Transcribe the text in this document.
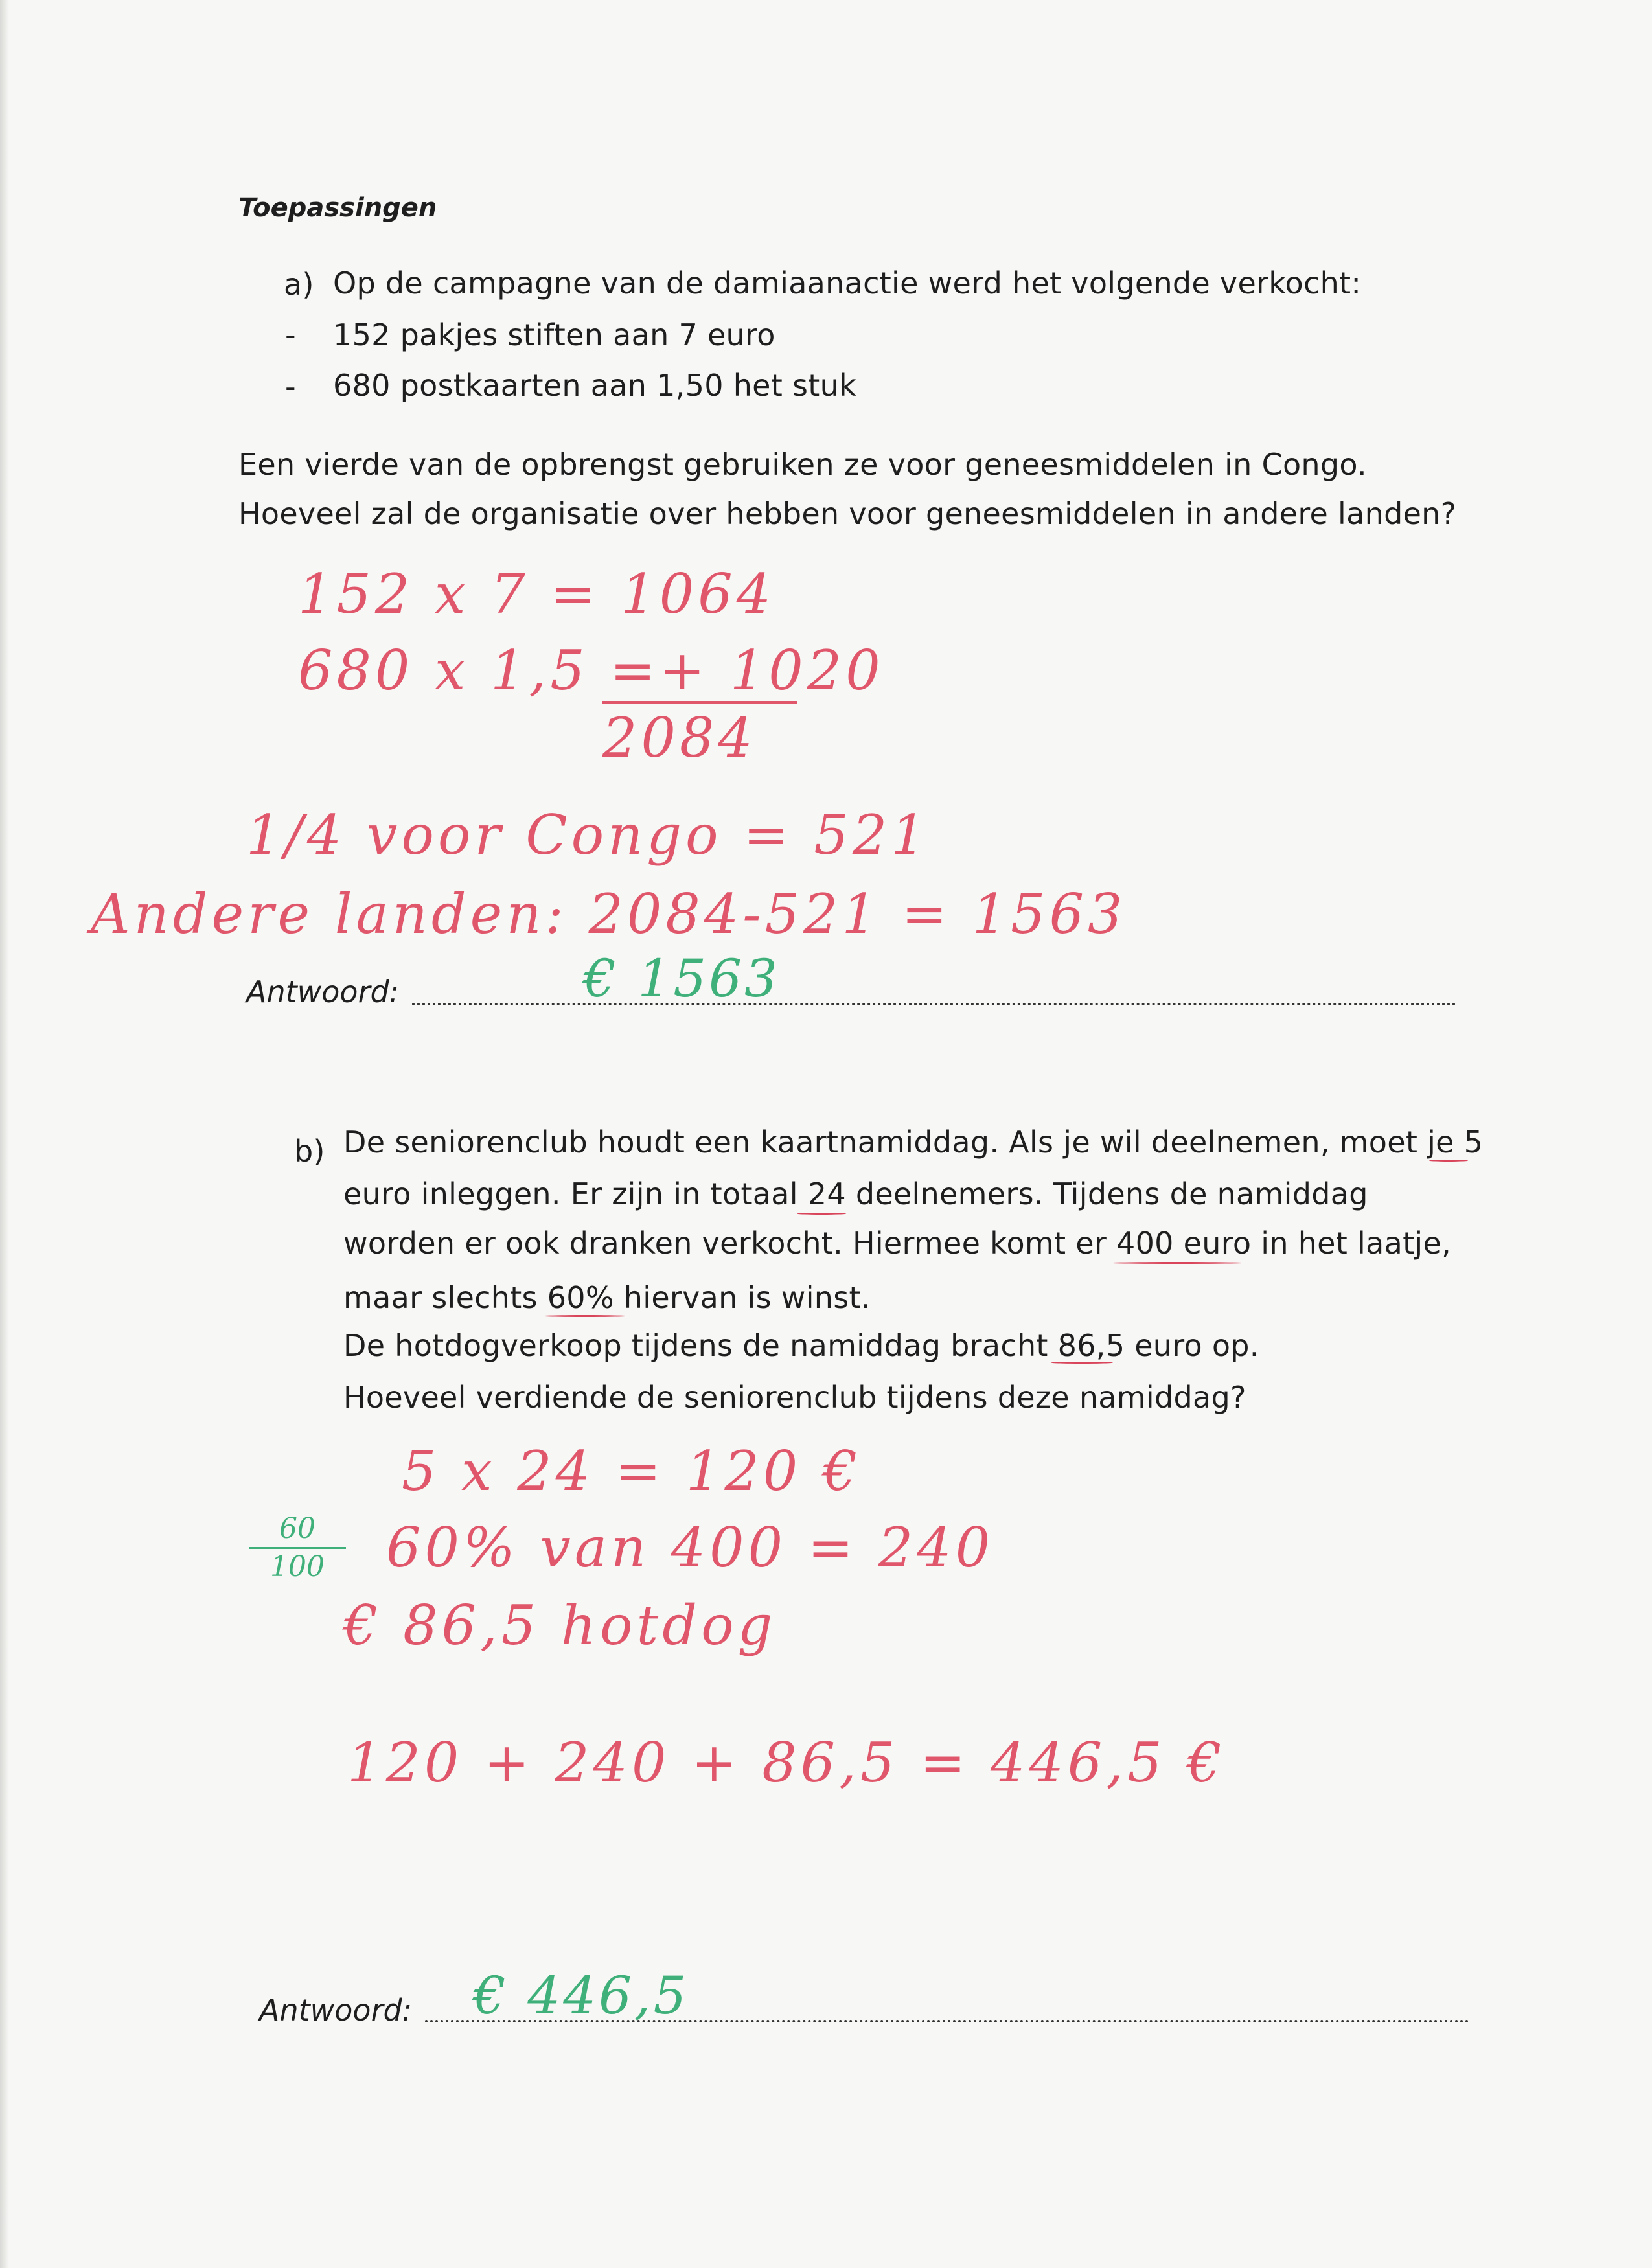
Toepassingen
a) Op de campagne van de damiaanactie werd het volgende verkocht:
- 152 pakjes stiften aan 7 euro
- 680 postkaarten aan 1,50 het stuk
Een vierde van de opbrengst gebruiken ze voor geneesmiddelen in Congo.
Hoeveel zal de organisatie over hebben voor geneesmiddelen in andere landen?
152 x 7 = 1064
680 x 1,5 =+ 1020
2084
1/4 voor Congo = 521
Andere landen: 2084-521 = 1563
Antwoord:	€ 1563
b) De seniorenclub houdt een kaartnamiddag. Als je wil deelnemen, moet je 5
euro inleggen. Er zijn in totaal 24 deelnemers. Tijdens de namiddag
worden er ook dranken verkocht. Hiermee komt er 400 euro in het laatje,
maar slechts 60% hiervan is winst.
De hotdogverkoop tijdens de namiddag bracht 86,5 euro op.
Hoeveel verdiende de seniorenclub tijdens deze namiddag?
5 x 24 = 120 €
60
100	60% van 400 = 240
€ 86,5 hotdog
120 + 240 + 86,5 = 446,5 €
Antwoord: € 446,5
